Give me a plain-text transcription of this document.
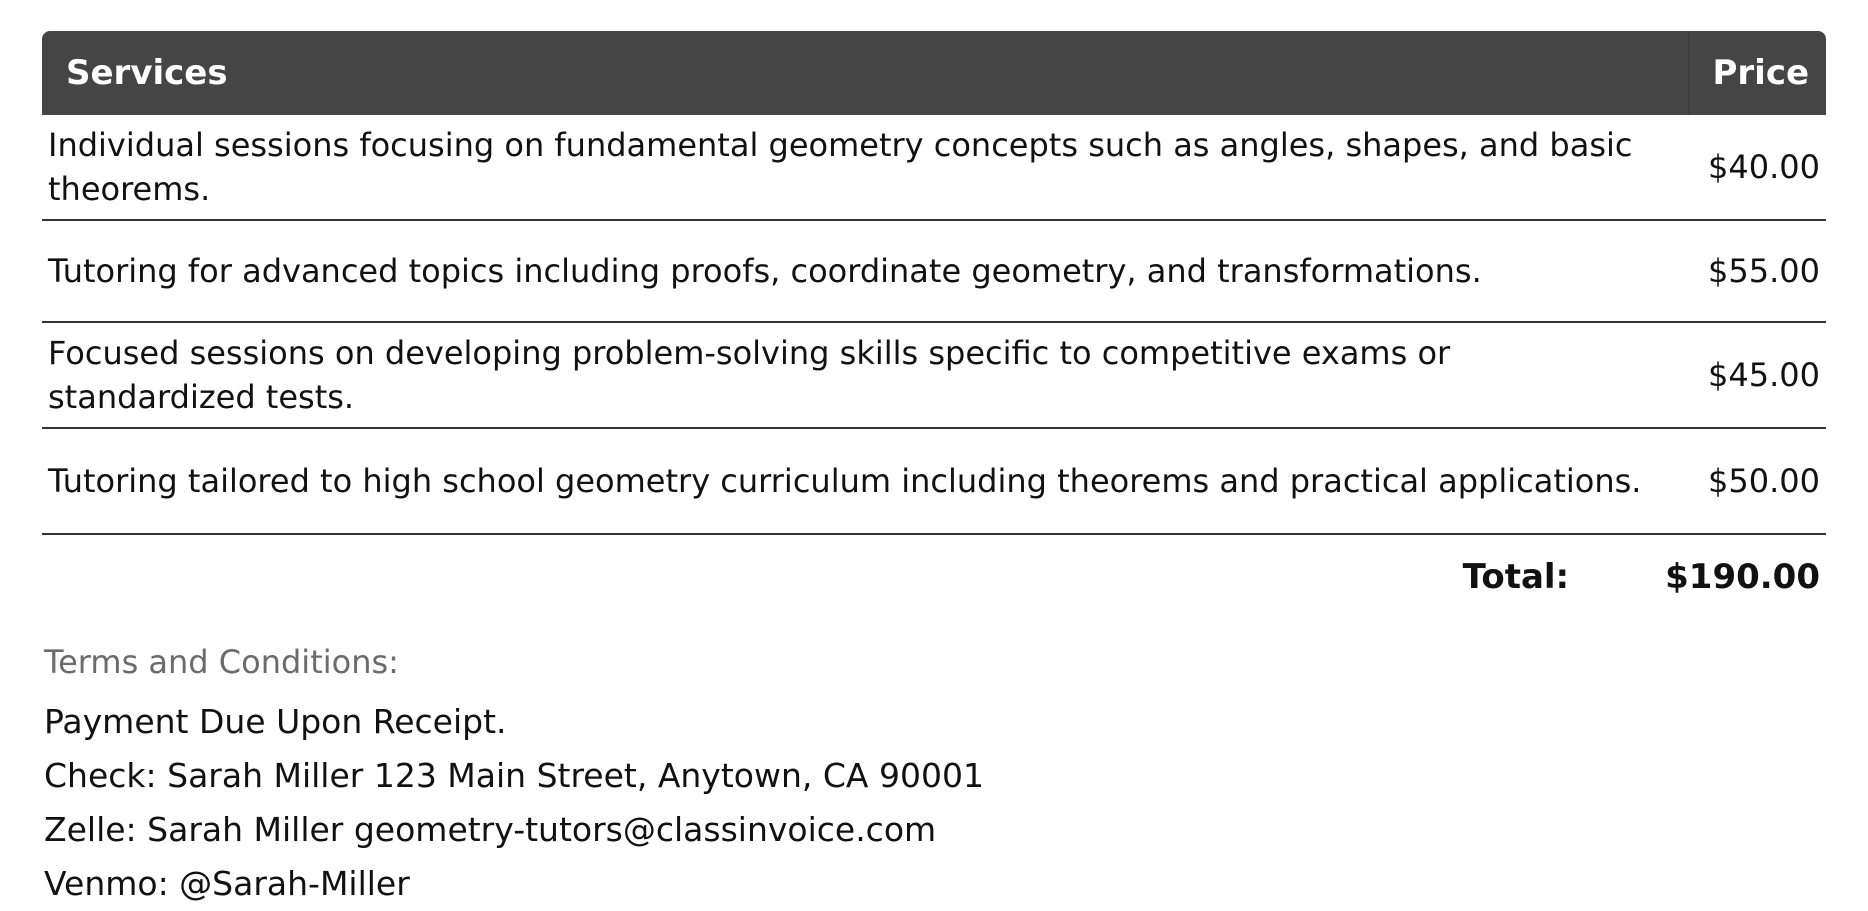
Services	Price
Individual sessions focusing on fundamental geometry concepts such as angles, shapes, and basic theorems.	$40.00
Tutoring for advanced topics including proofs, coordinate geometry, and transformations.	$55.00
Focused sessions on developing problem-solving skills specific to competitive exams or standardized tests.	$45.00
Tutoring tailored to high school geometry curriculum including theorems and practical applications.	$50.00
Total:	$190.00

Terms and Conditions:

Payment Due Upon Receipt.

Check: Sarah Miller 123 Main Street, Anytown, CA 90001

Zelle: Sarah Miller geometry-tutors@classinvoice.com

Venmo: @Sarah-Miller
